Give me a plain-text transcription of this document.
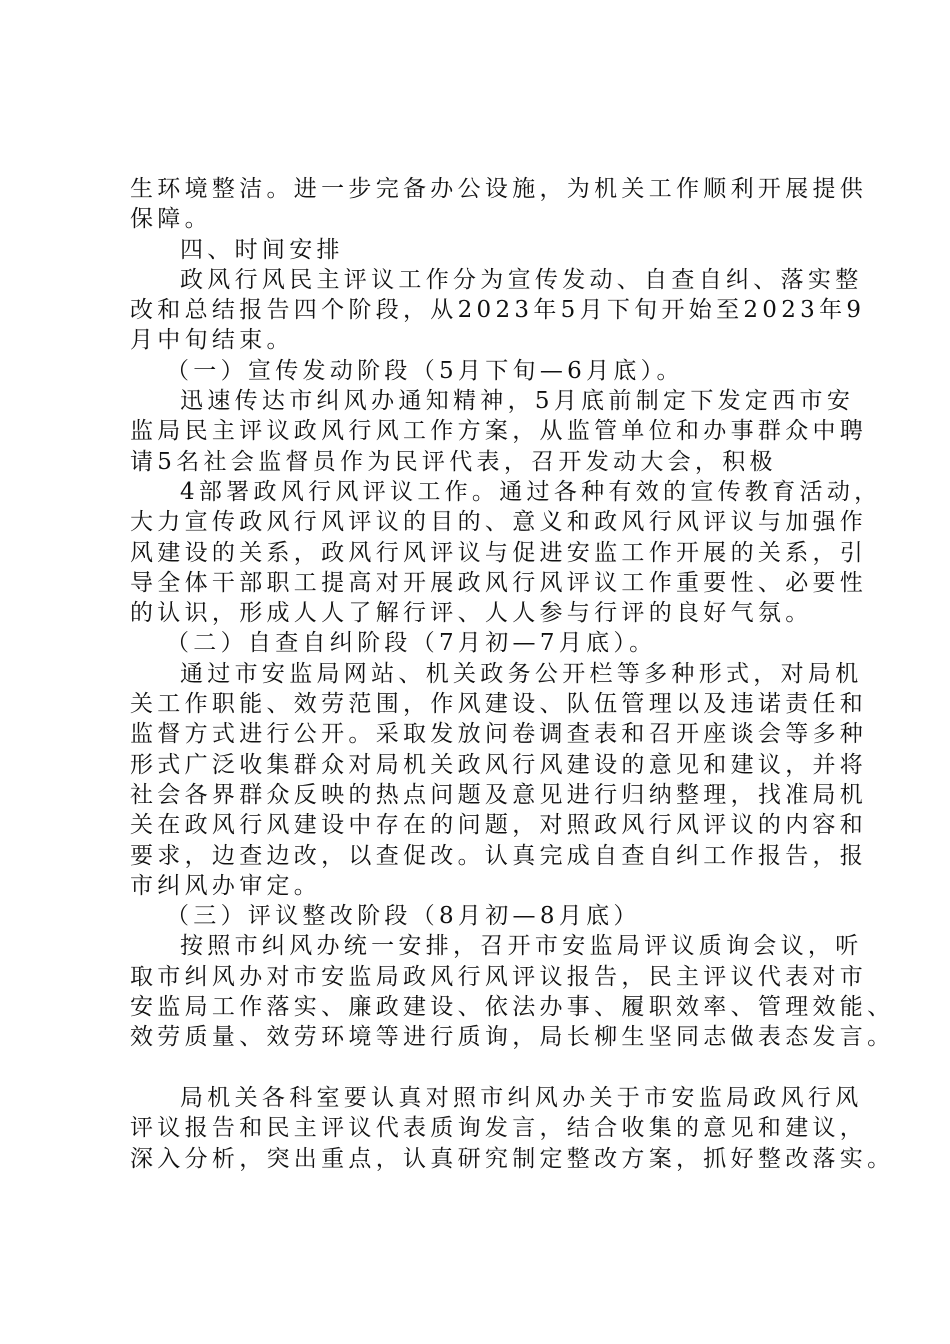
生环境整洁。进一步完备办公设施，为机关工作顺利开展提供
保障。
四、时间安排
政风行风民主评议工作分为宣传发动、自查自纠、落实整
改和总结报告四个阶段，从2023年5月下旬开始至2023年9
月中旬结束。
（一）宣传发动阶段（5月下旬—6月底）。
迅速传达市纠风办通知精神，5月底前制定下发定西市安
监局民主评议政风行风工作方案，从监管单位和办事群众中聘
请5名社会监督员作为民评代表，召开发动大会，积极
4部署政风行风评议工作。通过各种有效的宣传教育活动，
大力宣传政风行风评议的目的、意义和政风行风评议与加强作
风建设的关系，政风行风评议与促进安监工作开展的关系，引
导全体干部职工提高对开展政风行风评议工作重要性、必要性
的认识，形成人人了解行评、人人参与行评的良好气氛。
（二）自查自纠阶段（7月初—7月底）。
通过市安监局网站、机关政务公开栏等多种形式，对局机
关工作职能、效劳范围，作风建设、队伍管理以及违诺责任和
监督方式进行公开。采取发放问卷调查表和召开座谈会等多种
形式广泛收集群众对局机关政风行风建设的意见和建议，并将
社会各界群众反映的热点问题及意见进行归纳整理，找准局机
关在政风行风建设中存在的问题，对照政风行风评议的内容和
要求，边查边改，以查促改。认真完成自查自纠工作报告，报
市纠风办审定。
（三）评议整改阶段（8月初—8月底）
按照市纠风办统一安排，召开市安监局评议质询会议，听
取市纠风办对市安监局政风行风评议报告，民主评议代表对市
安监局工作落实、廉政建设、依法办事、履职效率、管理效能、
效劳质量、效劳环境等进行质询，局长柳生坚同志做表态发言。
局机关各科室要认真对照市纠风办关于市安监局政风行风
评议报告和民主评议代表质询发言，结合收集的意见和建议，
深入分析，突出重点，认真研究制定整改方案，抓好整改落实。
